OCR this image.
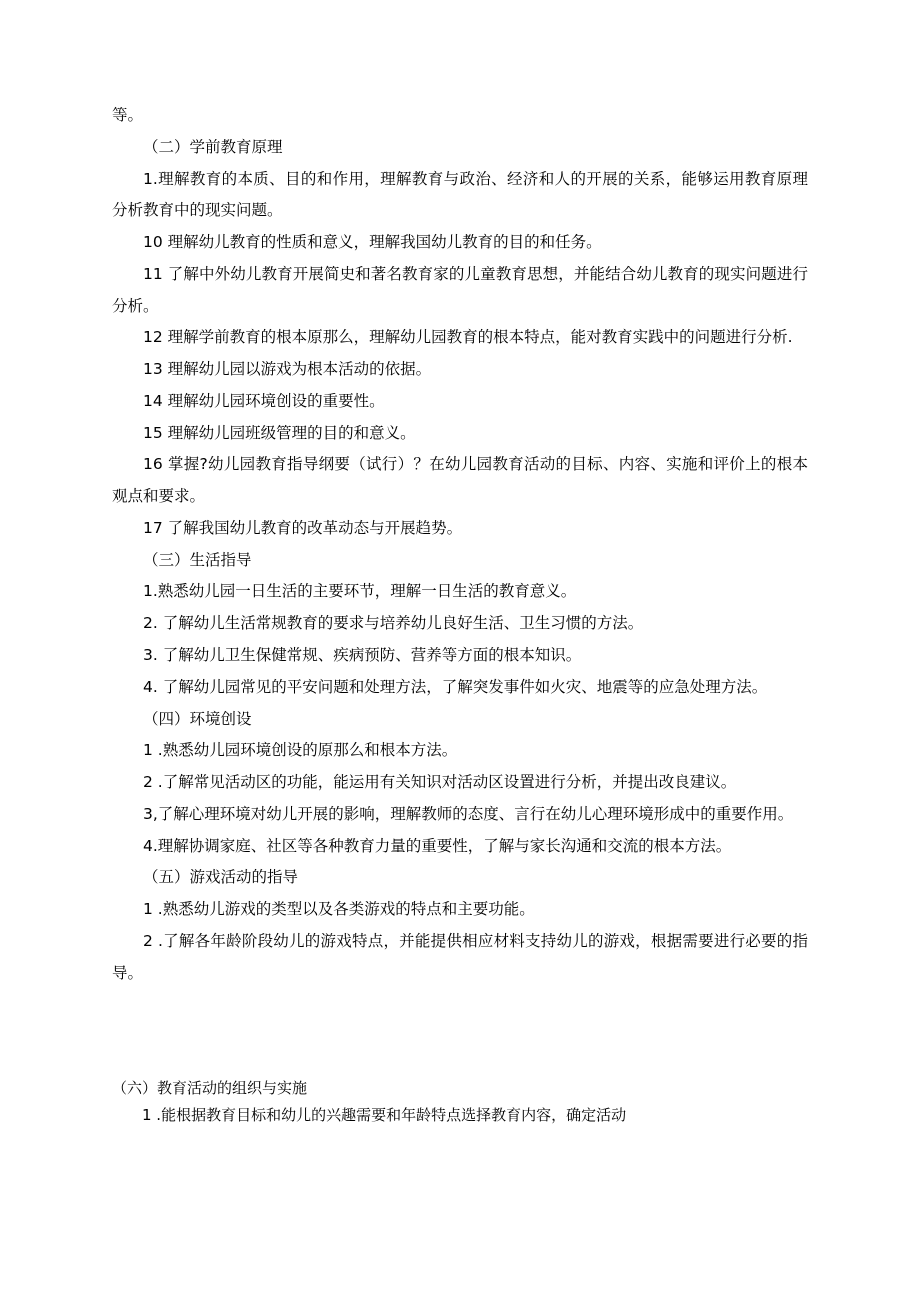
等。

（二）学前教育原理

1.理解教育的本质、目的和作用，理解教育与政治、经济和人的开展的关系，能够运用教育原理分析教育中的现实问题。

10 理解幼儿教育的性质和意义，理解我国幼儿教育的目的和任务。

11 了解中外幼儿教育开展简史和著名教育家的儿童教育思想，并能结合幼儿教育的现实问题进行分析。

12 理解学前教育的根本原那么，理解幼儿园教育的根本特点，能对教育实践中的问题进行分析.

13 理解幼儿园以游戏为根本活动的依据。

14 理解幼儿园环境创设的重要性。

15 理解幼儿园班级管理的目的和意义。

16 掌握?幼儿园教育指导纲要（试行）？在幼儿园教育活动的目标、内容、实施和评价上的根本观点和要求。

17 了解我国幼儿教育的改革动态与开展趋势。

（三）生活指导

1.熟悉幼儿园一日生活的主要环节，理解一日生活的教育意义。

2. 了解幼儿生活常规教育的要求与培养幼儿良好生活、卫生习惯的方法。

3. 了解幼儿卫生保健常规、疾病预防、营养等方面的根本知识。

4. 了解幼儿园常见的平安问题和处理方法，了解突发事件如火灾、地震等的应急处理方法。

（四）环境创设

1 .熟悉幼儿园环境创设的原那么和根本方法。

2 .了解常见活动区的功能，能运用有关知识对活动区设置进行分析，并提出改良建议。

3,了解心理环境对幼儿开展的影响，理解教师的态度、言行在幼儿心理环境形成中的重要作用。

4.理解协调家庭、社区等各种教育力量的重要性，了解与家长沟通和交流的根本方法。

（五）游戏活动的指导

1 .熟悉幼儿游戏的类型以及各类游戏的特点和主要功能。

2 .了解各年龄阶段幼儿的游戏特点，并能提供相应材料支持幼儿的游戏，根据需要进行必要的指导。

（六）教育活动的组织与实施

1 .能根据教育目标和幼儿的兴趣需要和年龄特点选择教育内容，确定活动
